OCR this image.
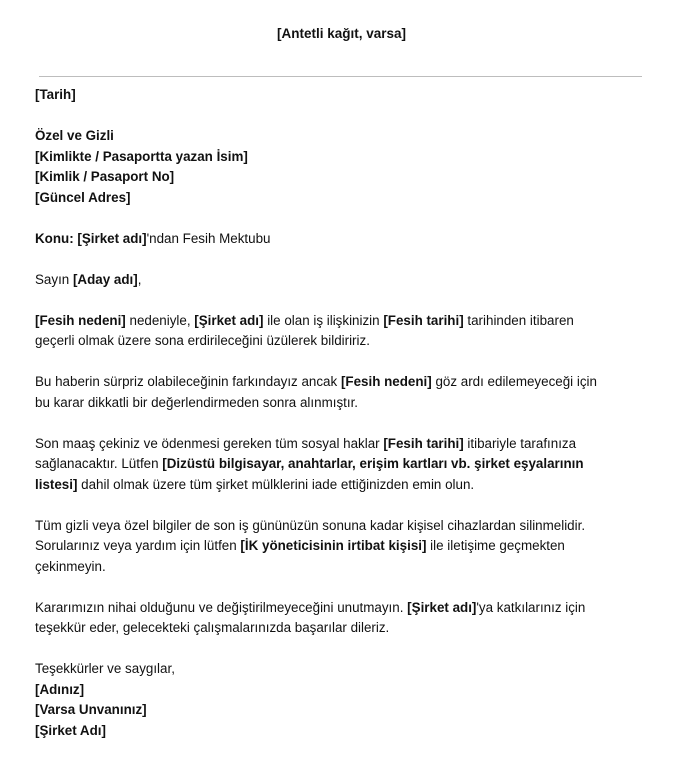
[Antetli kağıt, varsa]
[Tarih]
Özel ve Gizli
[Kimlikte / Pasaportta yazan İsim]
[Kimlik / Pasaport No]
[Güncel Adres]
Konu: [Şirket adı]'ndan Fesih Mektubu
Sayın [Aday adı],
[Fesih nedeni] nedeniyle, [Şirket adı] ile olan iş ilişkinizin [Fesih tarihi] tarihinden itibaren
geçerli olmak üzere sona erdirileceğini üzülerek bildiririz.
Bu haberin sürpriz olabileceğinin farkındayız ancak [Fesih nedeni] göz ardı edilemeyeceği için
bu karar dikkatli bir değerlendirmeden sonra alınmıştır.
Son maaş çekiniz ve ödenmesi gereken tüm sosyal haklar [Fesih tarihi] itibariyle tarafınıza
sağlanacaktır. Lütfen [Dizüstü bilgisayar, anahtarlar, erişim kartları vb. şirket eşyalarının
listesi] dahil olmak üzere tüm şirket mülklerini iade ettiğinizden emin olun.
Tüm gizli veya özel bilgiler de son iş gününüzün sonuna kadar kişisel cihazlardan silinmelidir.
Sorularınız veya yardım için lütfen [İK yöneticisinin irtibat kişisi] ile iletişime geçmekten
çekinmeyin.
Kararımızın nihai olduğunu ve değiştirilmeyeceğini unutmayın. [Şirket adı]'ya katkılarınız için
teşekkür eder, gelecekteki çalışmalarınızda başarılar dileriz.
Teşekkürler ve saygılar,
[Adınız]
[Varsa Unvanınız]
[Şirket Adı]
